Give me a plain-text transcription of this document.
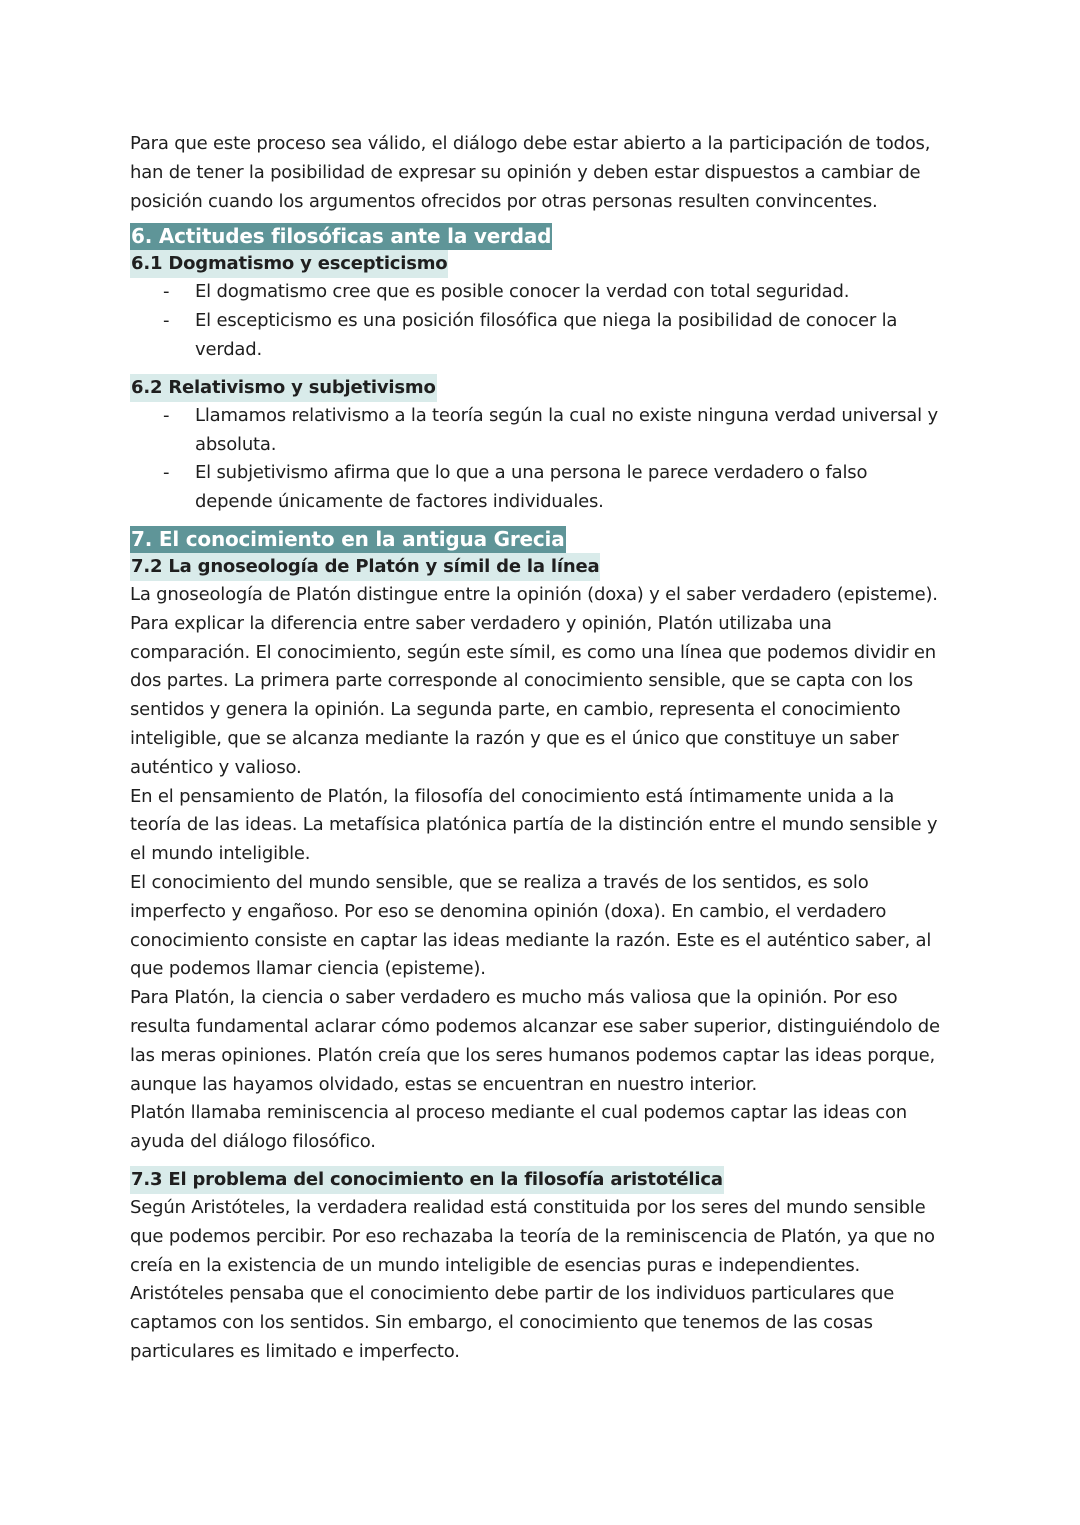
Para que este proceso sea válido, el diálogo debe estar abierto a la participación de todos, han de tener la posibilidad de expresar su opinión y deben estar dispuestos a cambiar de posición cuando los argumentos ofrecidos por otras personas resulten convincentes.

6. Actitudes filosóficas ante la verdad
6.1 Dogmatismo y escepticismo
- El dogmatismo cree que es posible conocer la verdad con total seguridad.
- El escepticismo es una posición filosófica que niega la posibilidad de conocer la verdad.
6.2 Relativismo y subjetivismo
- Llamamos relativismo a la teoría según la cual no existe ninguna verdad universal y absoluta.
- El subjetivismo afirma que lo que a una persona le parece verdadero o falso depende únicamente de factores individuales.
7. El conocimiento en la antigua Grecia
7.2 La gnoseología de Platón y símil de la línea

La gnoseología de Platón distingue entre la opinión (doxa) y el saber verdadero (episteme). Para explicar la diferencia entre saber verdadero y opinión, Platón utilizaba una comparación. El conocimiento, según este símil, es como una línea que podemos dividir en dos partes. La primera parte corresponde al conocimiento sensible, que se capta con los sentidos y genera la opinión. La segunda parte, en cambio, representa el conocimiento inteligible, que se alcanza mediante la razón y que es el único que constituye un saber auténtico y valioso.

En el pensamiento de Platón, la filosofía del conocimiento está íntimamente unida a la teoría de las ideas. La metafísica platónica partía de la distinción entre el mundo sensible y el mundo inteligible.

El conocimiento del mundo sensible, que se realiza a través de los sentidos, es solo imperfecto y engañoso. Por eso se denomina opinión (doxa). En cambio, el verdadero conocimiento consiste en captar las ideas mediante la razón. Este es el auténtico saber, al que podemos llamar ciencia (episteme).

Para Platón, la ciencia o saber verdadero es mucho más valiosa que la opinión. Por eso resulta fundamental aclarar cómo podemos alcanzar ese saber superior, distinguiéndolo de las meras opiniones. Platón creía que los seres humanos podemos captar las ideas porque, aunque las hayamos olvidado, estas se encuentran en nuestro interior.

Platón llamaba reminiscencia al proceso mediante el cual podemos captar las ideas con ayuda del diálogo filosófico.

7.3 El problema del conocimiento en la filosofía aristotélica

Según Aristóteles, la verdadera realidad está constituida por los seres del mundo sensible que podemos percibir. Por eso rechazaba la teoría de la reminiscencia de Platón, ya que no creía en la existencia de un mundo inteligible de esencias puras e independientes.

Aristóteles pensaba que el conocimiento debe partir de los individuos particulares que captamos con los sentidos. Sin embargo, el conocimiento que tenemos de las cosas particulares es limitado e imperfecto.
